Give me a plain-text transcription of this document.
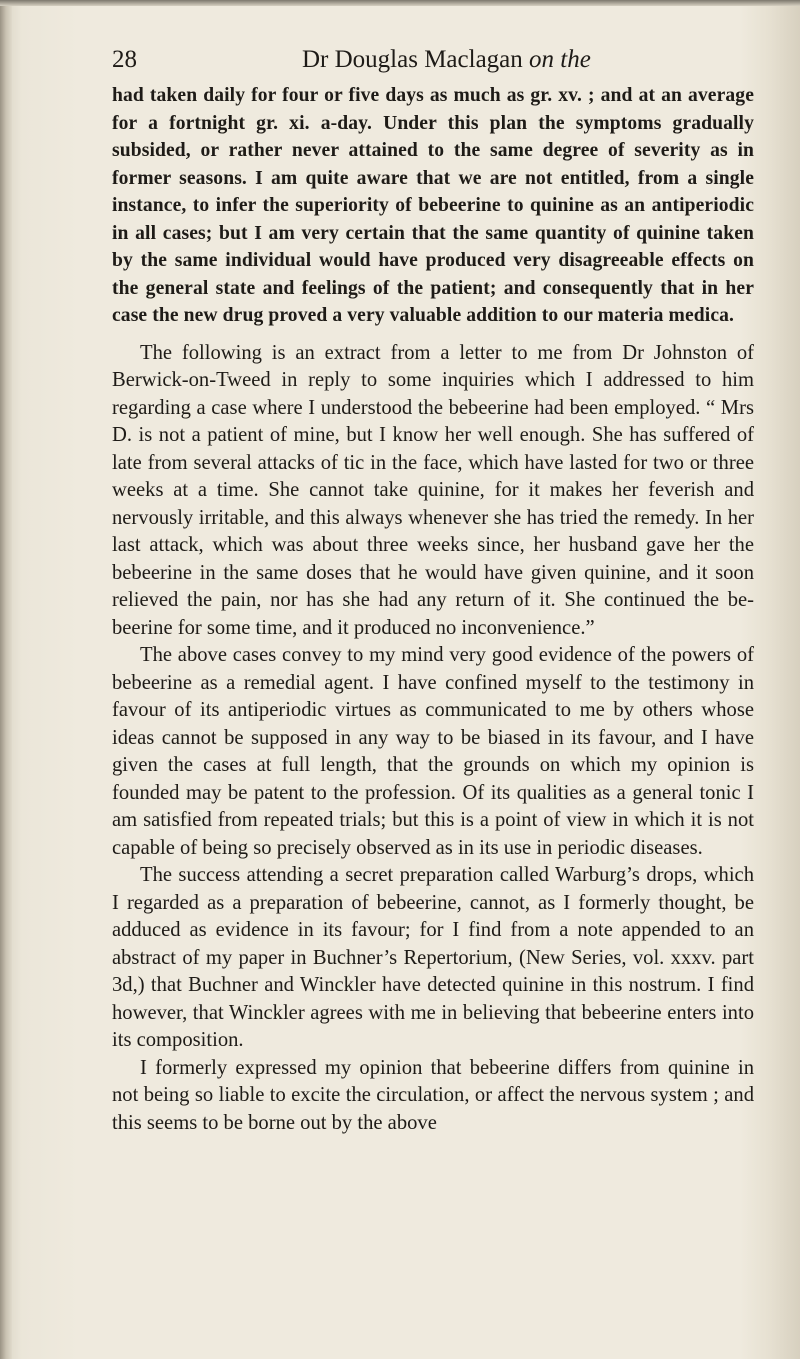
28	Dr Douglas Maclagan on the

had taken daily for four or five days as much as gr. xv. ; and at an average for a fortnight gr. xi. a-day. Under this plan the symptoms gradually subsided, or rather never attained to the same degree of severity as in former seasons. I am quite aware that we are not entitled, from a single instance, to infer the superiority of bebeerine to quinine as an antiperiodic in all cases; but I am very certain that the same quantity of quinine taken by the same individual would have produced very disagreeable effects on the general state and feelings of the patient; and consequently that in her case the new drug proved a very valuable addition to our materia medica.

The following is an extract from a letter to me from Dr Johnston of Berwick-on-Tweed in reply to some inquiries which I addressed to him regarding a case where I understood the bebeerine had been employed. “ Mrs D. is not a patient of mine, but I know her well enough. She has suffered of late from several attacks of tic in the face, which have lasted for two or three weeks at a time. She cannot take quinine, for it makes her feverish and nervously irritable, and this always whenever she has tried the remedy. In her last attack, which was about three weeks since, her husband gave her the bebeerine in the same doses that he would have given quinine, and it soon relieved the pain, nor has she had any return of it. She continued the bebeerine for some time, and it produced no inconvenience.”

The above cases convey to my mind very good evidence of the powers of bebeerine as a remedial agent. I have confined myself to the testimony in favour of its antiperiodic virtues as communicated to me by others whose ideas cannot be supposed in any way to be biased in its favour, and I have given the cases at full length, that the grounds on which my opinion is founded may be patent to the profession. Of its qualities as a general tonic I am satisfied from repeated trials; but this is a point of view in which it is not capable of being so precisely observed as in its use in periodic diseases.

The success attending a secret preparation called Warburg’s drops, which I regarded as a preparation of bebeerine, cannot, as I formerly thought, be adduced as evidence in its favour; for I find from a note appended to an abstract of my paper in Buchner’s Repertorium, (New Series, vol. xxxv. part 3d,) that Buchner and Winckler have detected quinine in this nostrum. I find however, that Winckler agrees with me in believing that bebeerine enters into its composition.

I formerly expressed my opinion that bebeerine differs from quinine in not being so liable to excite the circulation, or affect the nervous system ; and this seems to be borne out by the above
